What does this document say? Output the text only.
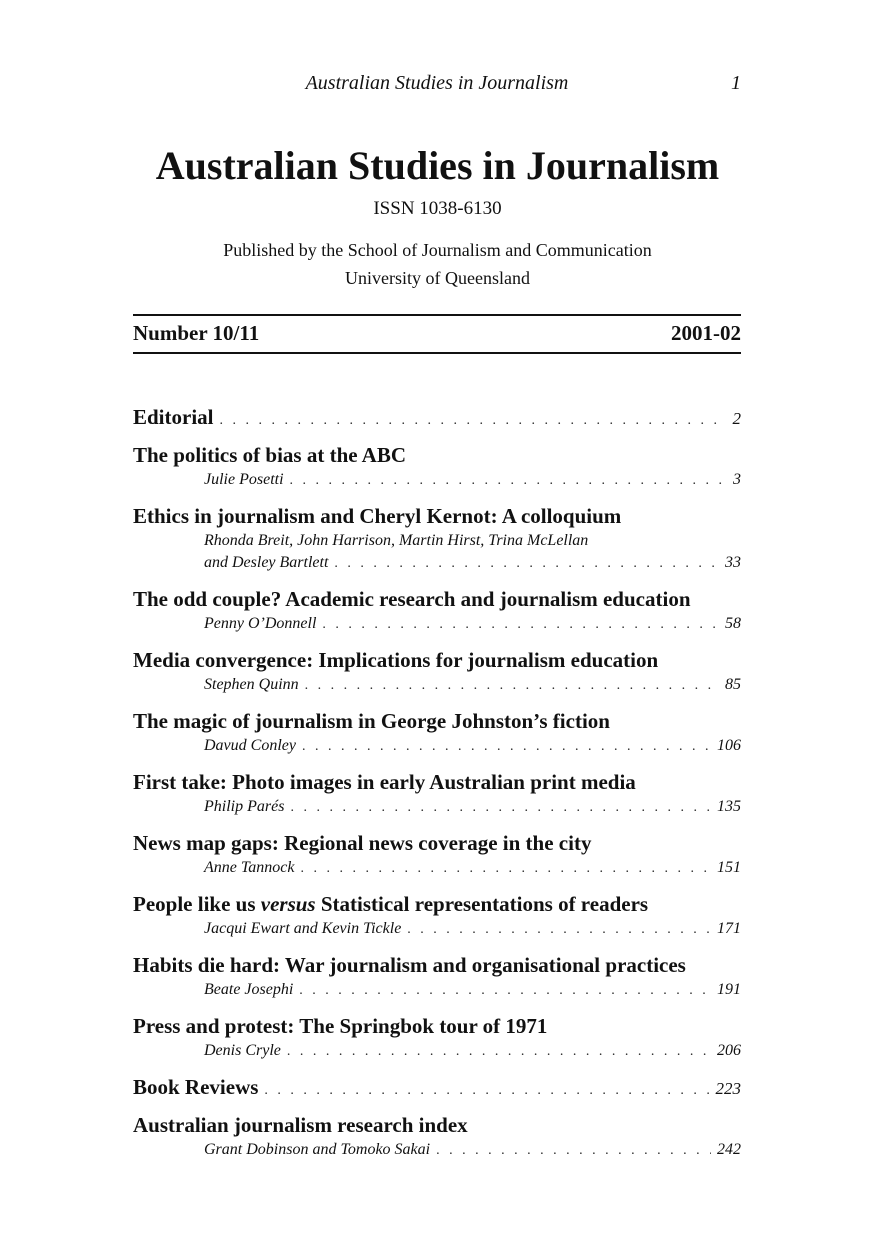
Australian Studies in Journalism	1
Australian Studies in Journalism
ISSN 1038-6130
Published by the School of Journalism and Communication
University of Queensland
Number 10/11	2001-02
Editorial . . .	2
The politics of bias at the ABC
Julie Posetti . . .	3
Ethics in journalism and Cheryl Kernot: A colloquium
Rhonda Breit, John Harrison, Martin Hirst, Trina McLellan
and Desley Bartlett . . .	33
The odd couple? Academic research and journalism education
Penny O’Donnell . . .	58
Media convergence: Implications for journalism education
Stephen Quinn . . .	85
The magic of journalism in George Johnston’s fiction
Davud Conley . . .	106
First take: Photo images in early Australian print media
Philip Parés . . .	135
News map gaps: Regional news coverage in the city
Anne Tannock . . .	151
People like us versus Statistical representations of readers
Jacqui Ewart and Kevin Tickle . . .	171
Habits die hard: War journalism and organisational practices
Beate Josephi . . .	191
Press and protest: The Springbok tour of 1971
Denis Cryle . . .	206
Book Reviews . . .	223
Australian journalism research index
Grant Dobinson and Tomoko Sakai . . .	242
